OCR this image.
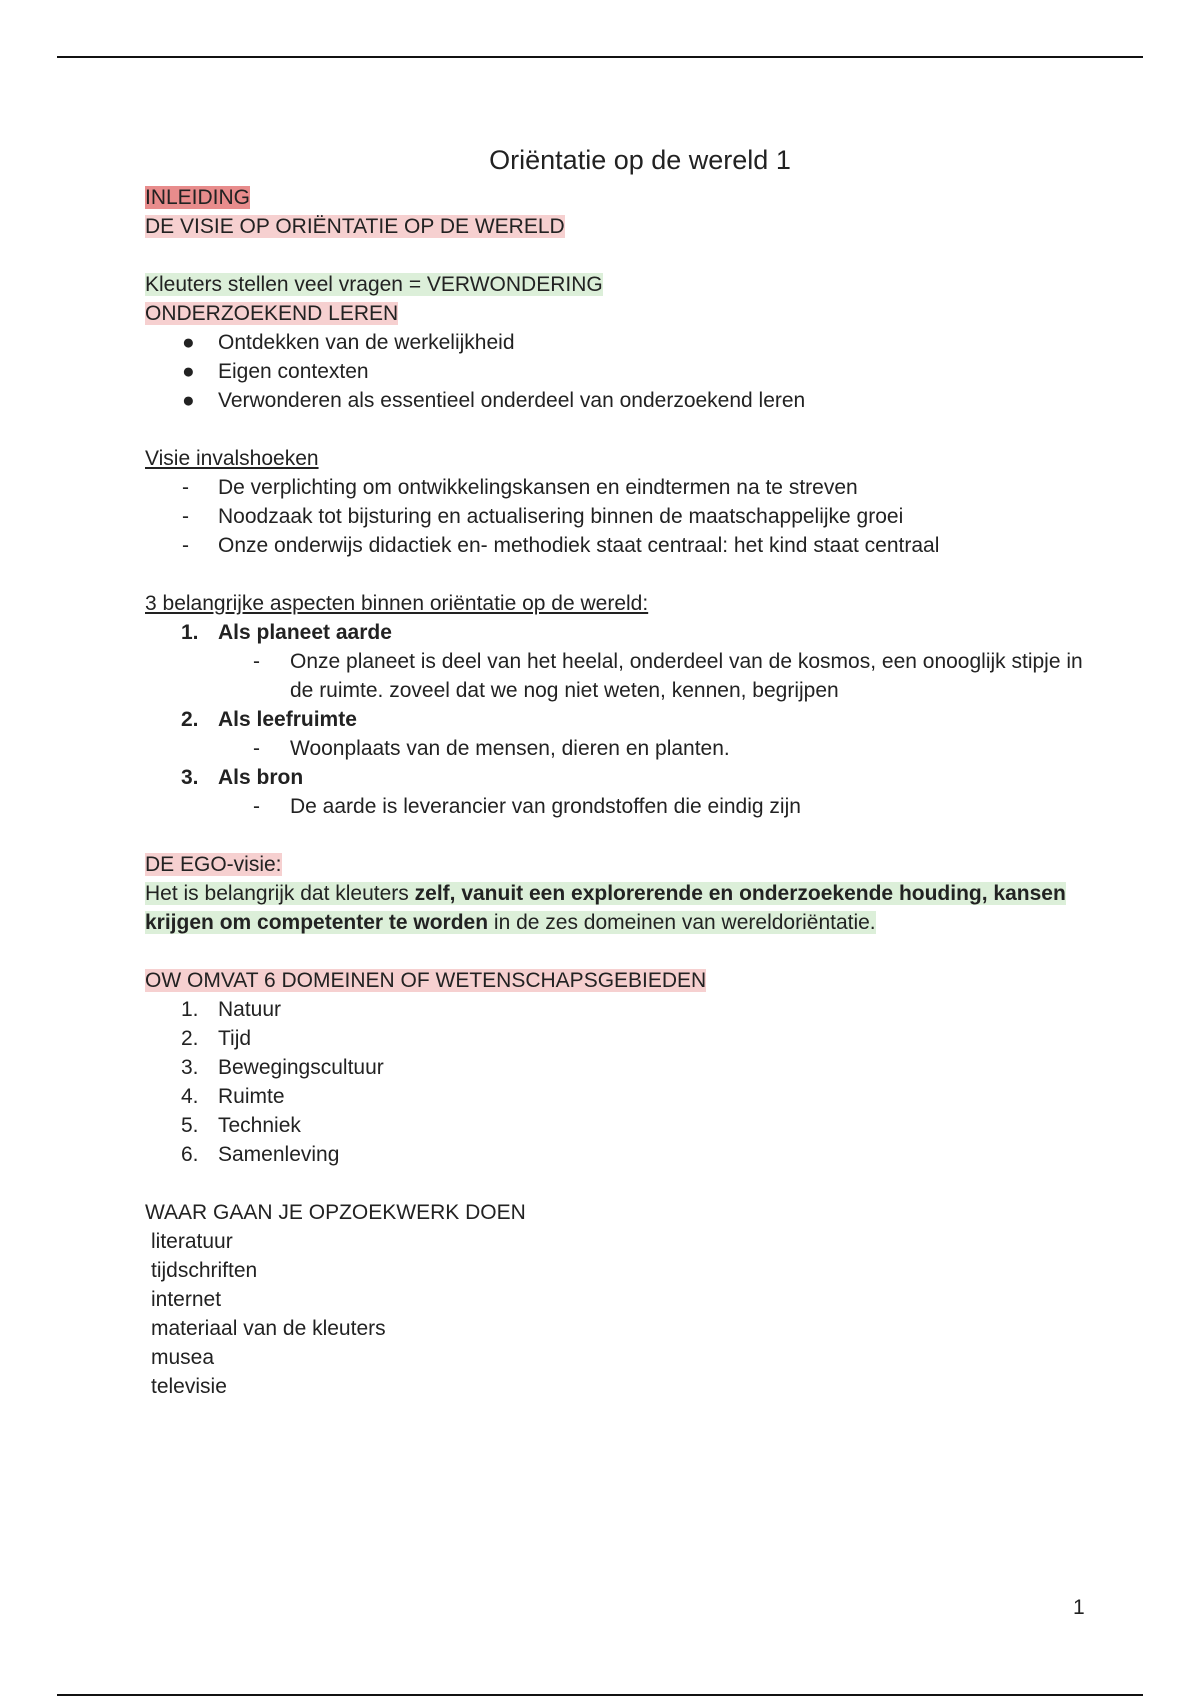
Oriëntatie op de wereld 1

INLEIDING

DE VISIE OP ORIËNTATIE OP DE WERELD

Kleuters stellen veel vragen = VERWONDERING

ONDERZOEKEND LEREN

● Ontdekken van de werkelijkheid
● Eigen contexten
● Verwonderen als essentieel onderdeel van onderzoekend leren

Visie invalshoeken

- De verplichting om ontwikkelingskansen en eindtermen na te streven
- Noodzaak tot bijsturing en actualisering binnen de maatschappelijke groei
- Onze onderwijs didactiek en- methodiek staat centraal: het kind staat centraal

3 belangrijke aspecten binnen oriëntatie op de wereld:

1. Als planeet aarde
- Onze planeet is deel van het heelal, onderdeel van de kosmos, een onooglijk stipje in
de ruimte. zoveel dat we nog niet weten, kennen, begrijpen
2. Als leefruimte
- Woonplaats van de mensen, dieren en planten.
3. Als bron
- De aarde is leverancier van grondstoffen die eindig zijn

DE EGO-visie:

Het is belangrijk dat kleuters zelf, vanuit een explorerende en onderzoekende houding, kansen
krijgen om competenter te worden in de zes domeinen van wereldoriëntatie.

OW OMVAT 6 DOMEINEN OF WETENSCHAPSGEBIEDEN

1. Natuur
2. Tijd
3. Bewegingscultuur
4. Ruimte
5. Techniek
6. Samenleving

WAAR GAAN JE OPZOEKWERK DOEN

literatuur

tijdschriften

internet

materiaal van de kleuters

musea

televisie

1
